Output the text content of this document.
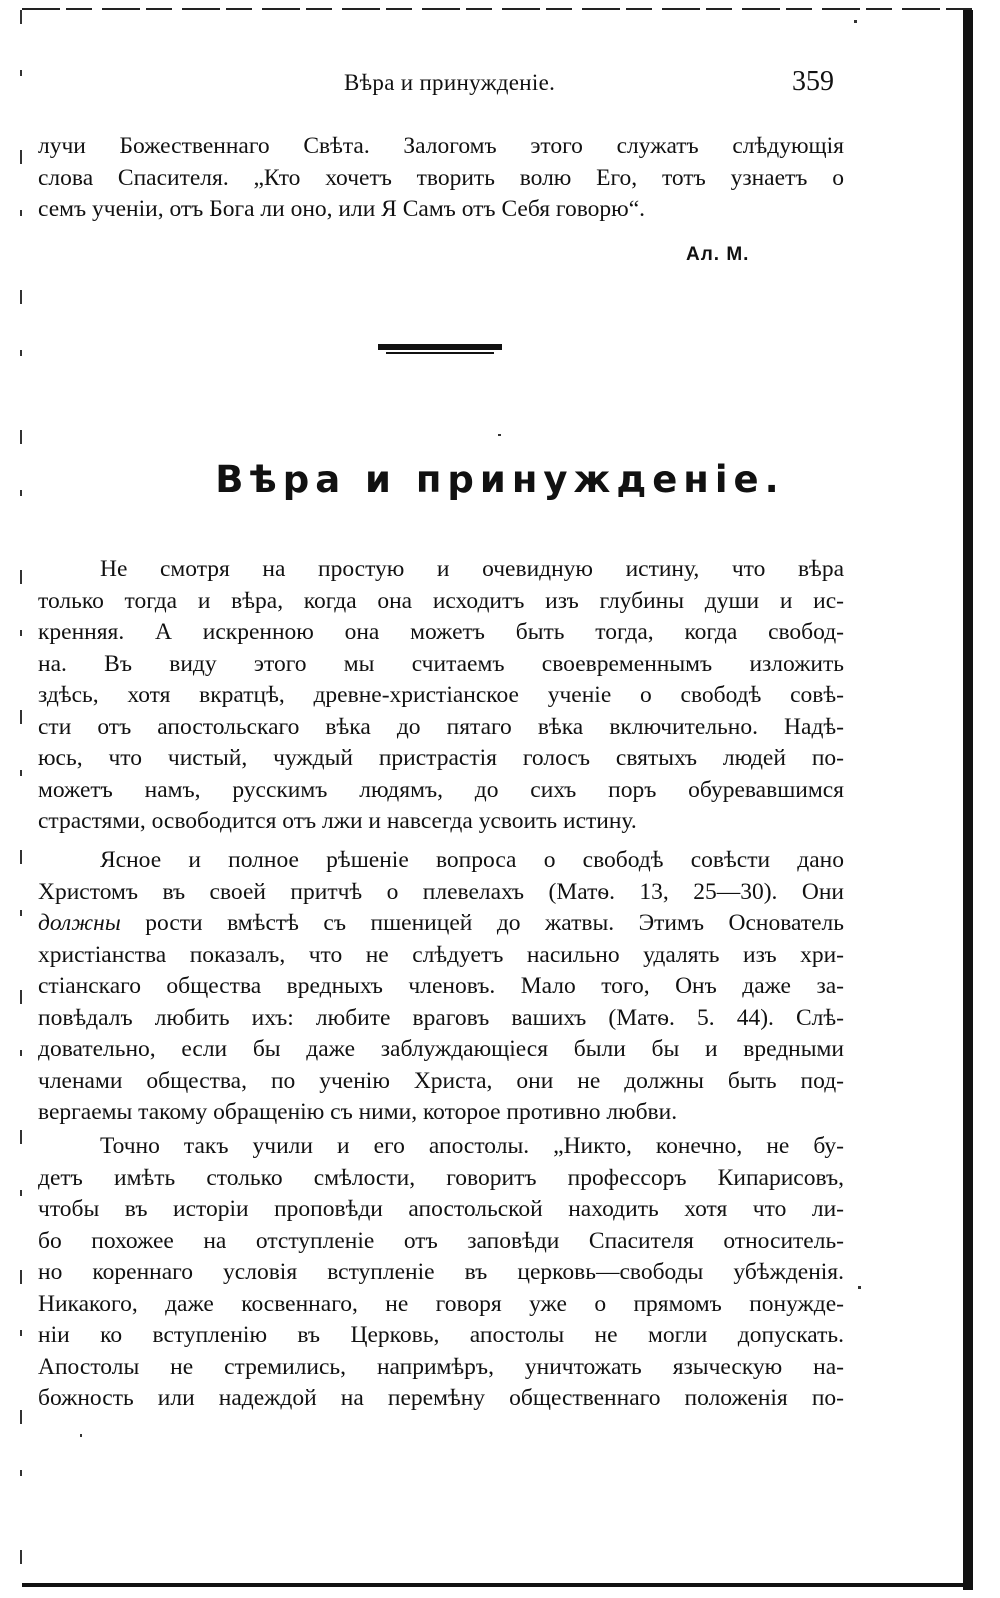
Вѣра и принужденіе.	359
лучи Божественнаго Свѣта. Залогомъ этого служатъ слѣдующія
слова Спасителя. „Кто хочетъ творить волю Его, тотъ узнаетъ о
семъ ученіи, отъ Бога ли оно, или Я Самъ отъ Себя говорю“.
Ал. М.
Вѣра и принужденіе.
Не смотря на простую и очевидную истину, что вѣра
только тогда и вѣра, когда она исходитъ изъ глубины души и ис-
кренняя. А искренною она можетъ быть тогда, когда свобод-
на. Въ виду этого мы считаемъ своевременнымъ изложить
здѣсь, хотя вкратцѣ, древне-христіанское ученіе о свободѣ совѣ-
сти отъ апостольскаго вѣка до пятаго вѣка включительно. Надѣ-
юсь, что чистый, чуждый пристрастія голосъ святыхъ людей по-
можетъ намъ, русскимъ людямъ, до сихъ поръ обуревавшимся
страстями, освободится отъ лжи и навсегда усвоить истину.
Ясное и полное рѣшеніе вопроса о свободѣ совѣсти дано
Христомъ въ своей притчѣ о плевелахъ (Матѳ. 13, 25—30). Они
должны рости вмѣстѣ съ пшеницей до жатвы. Этимъ Основатель
христіанства показалъ, что не слѣдуетъ насильно удалять изъ хри-
стіанскаго общества вредныхъ членовъ. Мало того, Онъ даже за-
повѣдалъ любить ихъ: любите враговъ вашихъ (Матѳ. 5. 44). Слѣ-
довательно, если бы даже заблуждающіеся были бы и вредными
членами общества, по ученію Христа, они не должны быть под-
вергаемы такому обращенію съ ними, которое противно любви.
Точно такъ учили и его апостолы. „Никто, конечно, не бу-
детъ имѣть столько смѣлости, говоритъ профессоръ Кипарисовъ,
чтобы въ исторіи проповѣди апостольской находить хотя что ли-
бо похожее на отступленіе отъ заповѣди Спасителя относитель-
но кореннаго условія вступленіе въ церковь—свободы убѣжденія.
Никакого, даже косвеннаго, не говоря уже о прямомъ понужде-
ніи ко вступленію въ Церковь, апостолы не могли допускать.
Апостолы не стремились, напримѣръ, уничтожать языческую на-
божность или надеждой на перемѣну общественнаго положенія по-
